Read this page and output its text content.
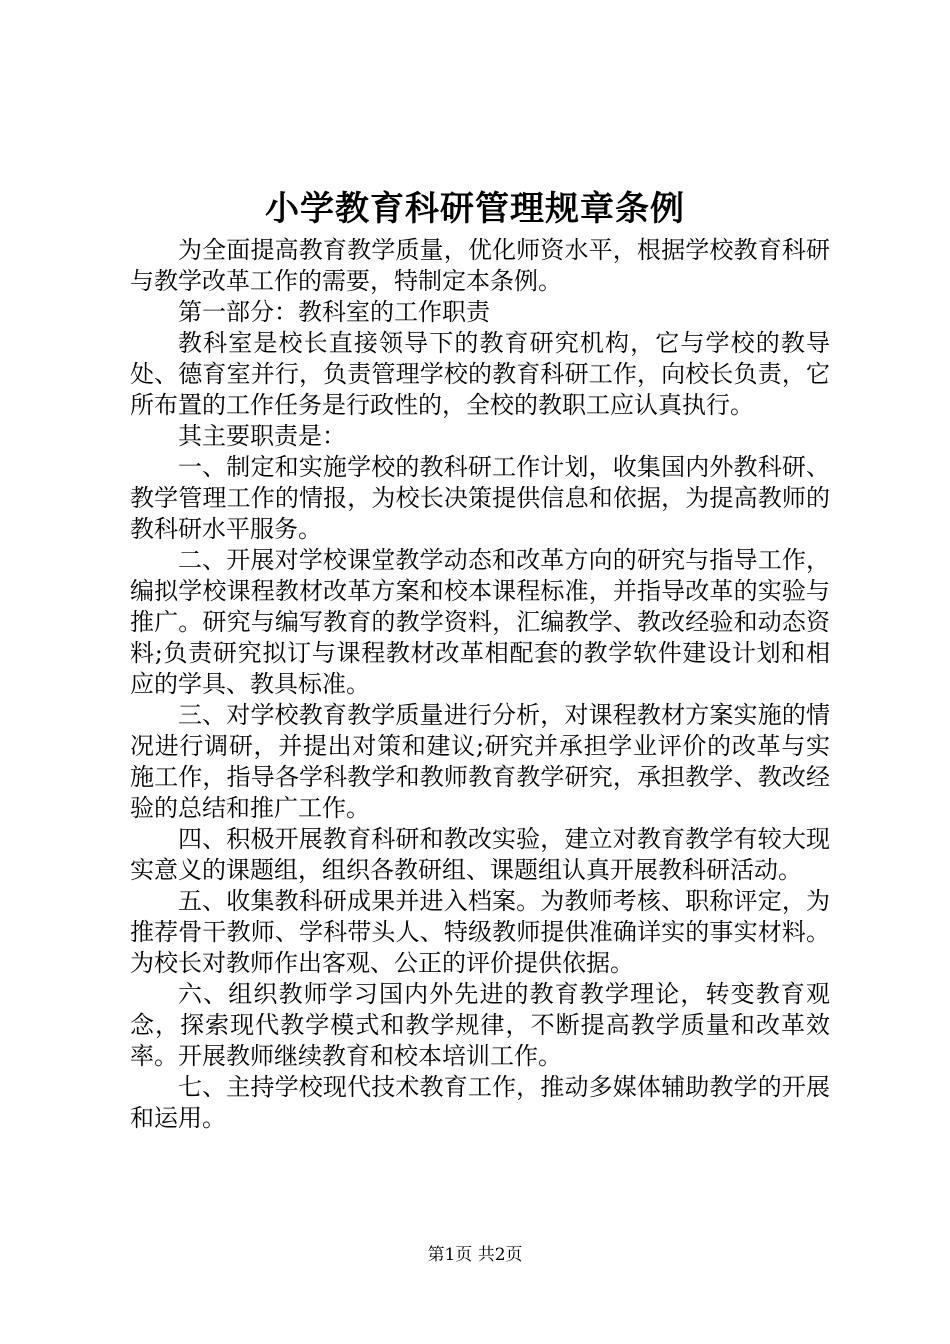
小学教育科研管理规章条例

为全面提高教育教学质量，优化师资水平，根据学校教育科研与教学改革工作的需要，特制定本条例。

第一部分：教科室的工作职责

教科室是校长直接领导下的教育研究机构，它与学校的教导处、德育室并行，负责管理学校的教育科研工作，向校长负责，它所布置的工作任务是行政性的，全校的教职工应认真执行。

其主要职责是：

一、制定和实施学校的教科研工作计划，收集国内外教科研、教学管理工作的情报，为校长决策提供信息和依据，为提高教师的教科研水平服务。

二、开展对学校课堂教学动态和改革方向的研究与指导工作，编拟学校课程教材改革方案和校本课程标准，并指导改革的实验与推广。研究与编写教育的教学资料，汇编教学、教改经验和动态资料;负责研究拟订与课程教材改革相配套的教学软件建设计划和相应的学具、教具标准。

三、对学校教育教学质量进行分析，对课程教材方案实施的情况进行调研，并提出对策和建议;研究并承担学业评价的改革与实施工作，指导各学科教学和教师教育教学研究，承担教学、教改经验的总结和推广工作。

四、积极开展教育科研和教改实验，建立对教育教学有较大现实意义的课题组，组织各教研组、课题组认真开展教科研活动。

五、收集教科研成果并进入档案。为教师考核、职称评定，为推荐骨干教师、学科带头人、特级教师提供准确详实的事实材料。为校长对教师作出客观、公正的评价提供依据。

六、组织教师学习国内外先进的教育教学理论，转变教育观念，探索现代教学模式和教学规律，不断提高教学质量和改革效率。开展教师继续教育和校本培训工作。

七、主持学校现代技术教育工作，推动多媒体辅助教学的开展和运用。

第1页 共2页
